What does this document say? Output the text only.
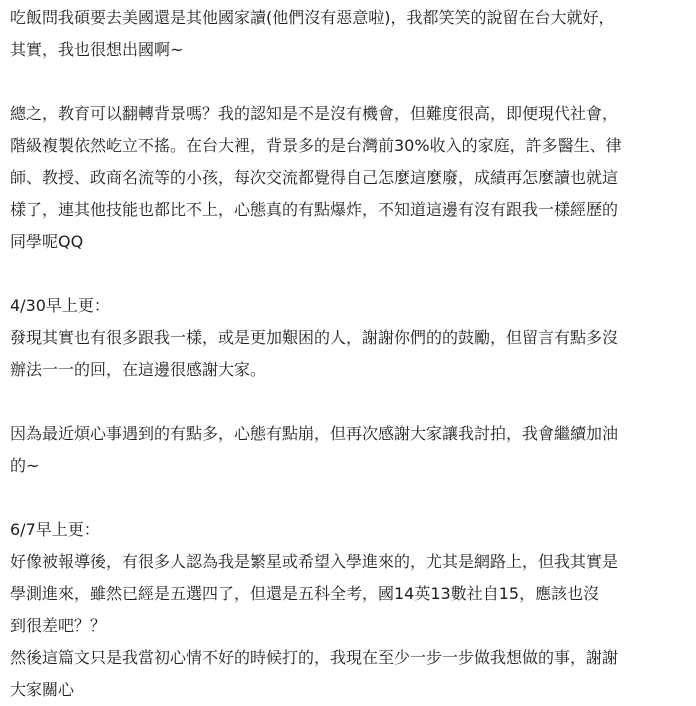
吃飯問我碩要去美國還是其他國家讀(他們沒有惡意啦)，我都笑笑的說留在台大就好，
其實，我也很想出國啊~
總之，教育可以翻轉背景嗎？我的認知是不是沒有機會，但難度很高，即便現代社會，
階級複製依然屹立不搖。在台大裡，背景多的是台灣前30%收入的家庭，許多醫生、律
師、教授、政商名流等的小孩，每次交流都覺得自己怎麼這麼廢，成績再怎麼讀也就這
樣了，連其他技能也都比不上，心態真的有點爆炸，不知道這邊有沒有跟我一樣經歷的
同學呢QQ
4/30早上更：
發現其實也有很多跟我一樣，或是更加艱困的人，謝謝你們的的鼓勵，但留言有點多沒
辦法一一的回，在這邊很感謝大家。
因為最近煩心事遇到的有點多，心態有點崩，但再次感謝大家讓我討拍，我會繼續加油
的~
6/7早上更：
好像被報導後，有很多人認為我是繁星或希望入學進來的，尤其是網路上，但我其實是
學測進來，雖然已經是五選四了，但還是五科全考，國14英13數社自15，應該也沒
到很差吧？？
然後這篇文只是我當初心情不好的時候打的，我現在至少一步一步做我想做的事，謝謝
大家關心
